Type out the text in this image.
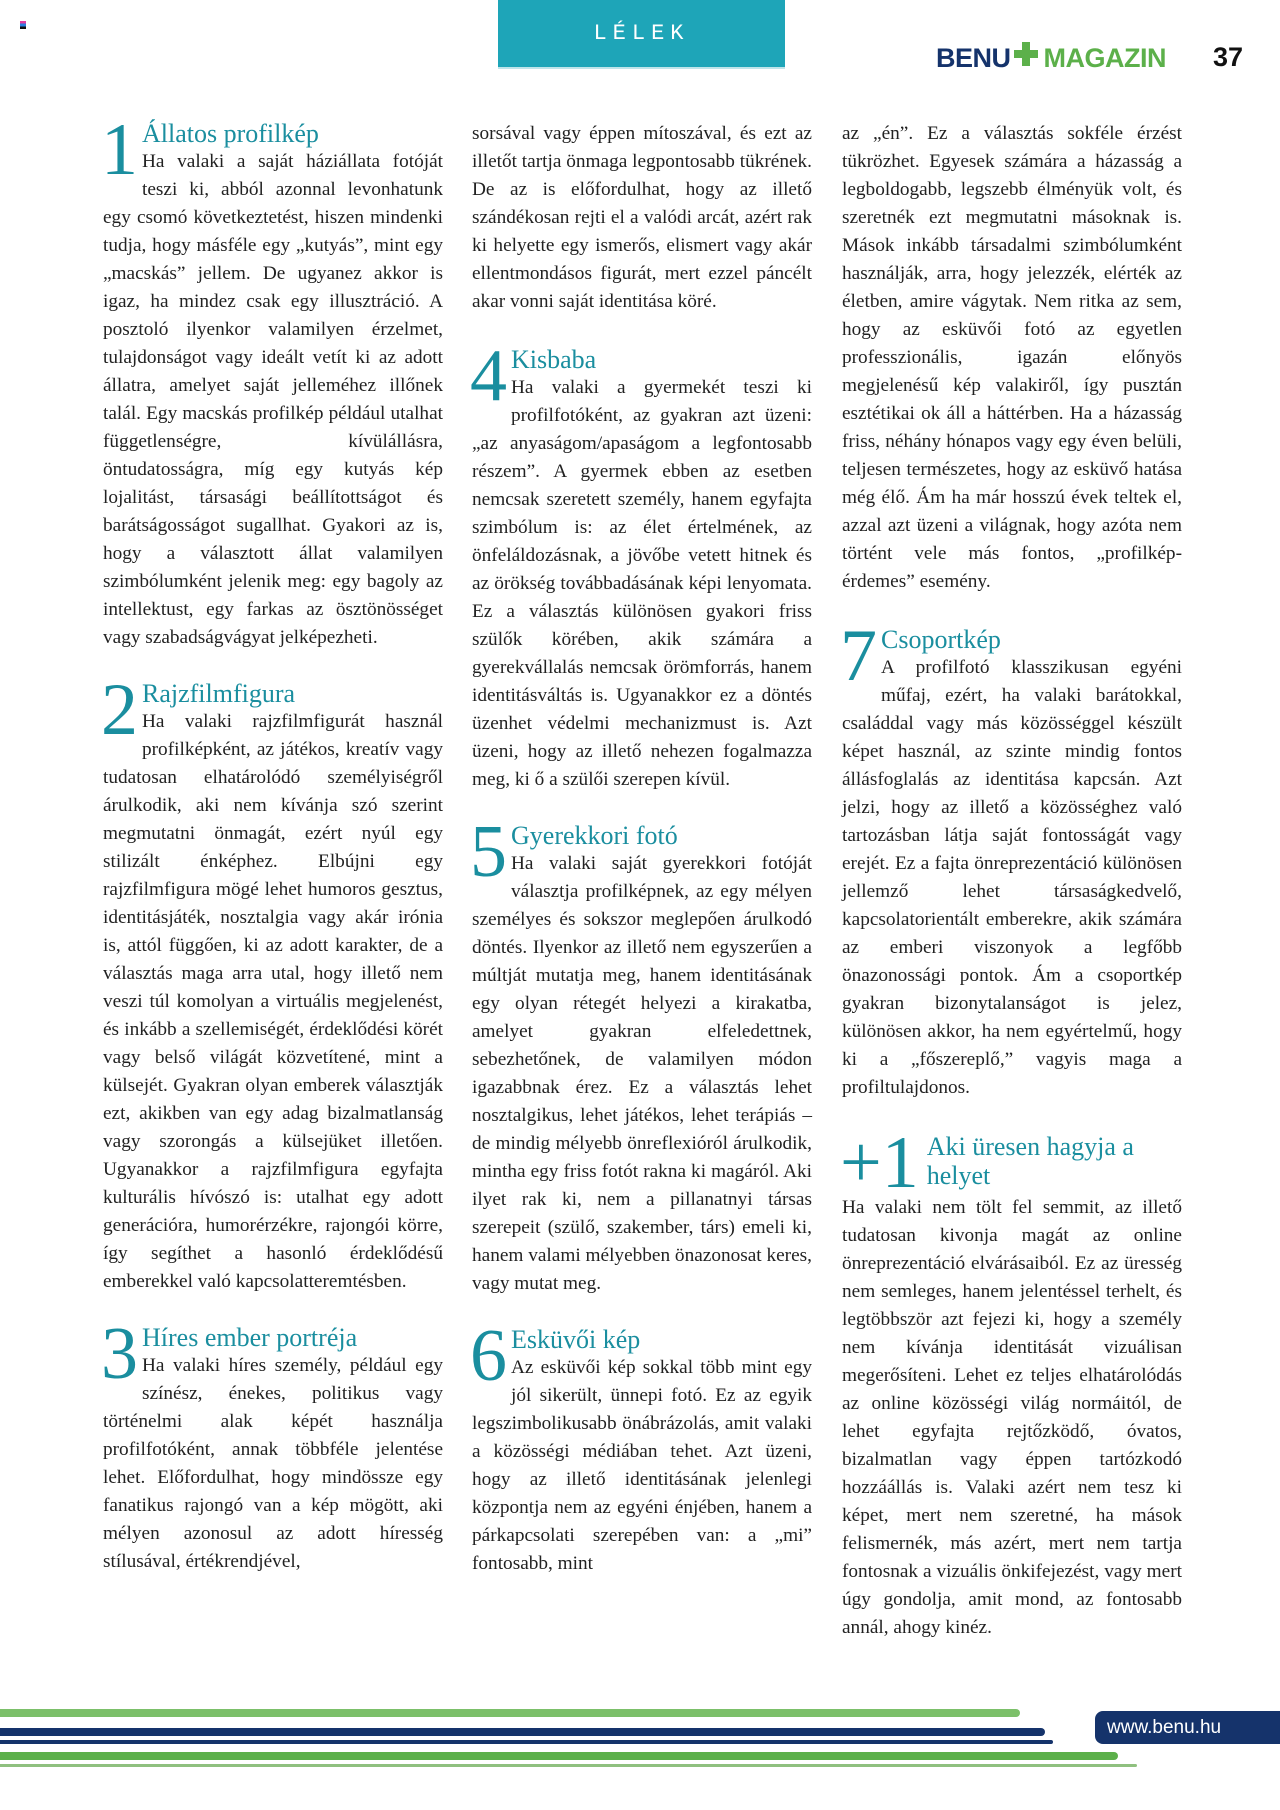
LÉLEK
BENU MAGAZIN 37
1 Állatos profilkép

Ha valaki a saját háziállata fotóját teszi ki, abból azonnal levonhatunk egy csomó következtetést, hiszen mindenki tudja, hogy másféle egy „kutyás”, mint egy „macskás” jellem. De ugyanez akkor is igaz, ha mindez csak egy illusztráció. A posztoló ilyenkor valamilyen érzelmet, tulajdonságot vagy ideált vetít ki az adott állatra, amelyet saját jelleméhez illőnek talál. Egy macskás profilkép például utalhat függetlenségre, kívülállásra, öntudatosságra, míg egy kutyás kép lojalitást, társasági beállítottságot és barátságosságot sugallhat. Gyakori az is, hogy a választott állat valamilyen szimbólumként jelenik meg: egy bagoly az intellektust, egy farkas az ösztönösséget vagy szabadságvágyat jelképezheti.

2 Rajzfilmfigura

Ha valaki rajzfilmfigurát használ profilképként, az játékos, kreatív vagy tudatosan elhatárolódó személyiségről árulkodik, aki nem kívánja szó szerint megmutatni önmagát, ezért nyúl egy stilizált énképhez. Elbújni egy rajzfilmfigura mögé lehet humoros gesztus, identitásjáték, nosztalgia vagy akár irónia is, attól függően, ki az adott karakter, de a választás maga arra utal, hogy illető nem veszi túl komolyan a virtuális megjelenést, és inkább a szellemiségét, érdeklődési körét vagy belső világát közvetítené, mint a külsejét. Gyakran olyan emberek választják ezt, akikben van egy adag bizalmatlanság vagy szorongás a külsejüket illetően. Ugyanakkor a rajzfilmfigura egyfajta kulturális hívószó is: utalhat egy adott generációra, humorérzékre, rajongói körre, így segíthet a hasonló érdeklődésű emberekkel való kapcsolatteremtésben.

3 Híres ember portréja

Ha valaki híres személy, például egy színész, énekes, politikus vagy történelmi alak képét használja profilfotóként, annak többféle jelentése lehet. Előfordulhat, hogy mindössze egy fanatikus rajongó van a kép mögött, aki mélyen azonosul az adott híresség stílusával, értékrendjével,

sorsával vagy éppen mítoszával, és ezt az illetőt tartja önmaga legpontosabb tükrének. De az is előfordulhat, hogy az illető szándékosan rejti el a valódi arcát, azért rak ki helyette egy ismerős, elismert vagy akár ellentmondásos figurát, mert ezzel páncélt akar vonni saját identitása köré.

4 Kisbaba

Ha valaki a gyermekét teszi ki profilfotóként, az gyakran azt üzeni: „az anyaságom/apaságom a legfontosabb részem”. A gyermek ebben az esetben nemcsak szeretett személy, hanem egyfajta szimbólum is: az élet értelmének, az önfeláldozásnak, a jövőbe vetett hitnek és az örökség továbbadásának képi lenyomata. Ez a választás különösen gyakori friss szülők körében, akik számára a gyerekvállalás nemcsak örömforrás, hanem identitásváltás is. Ugyanakkor ez a döntés üzenhet védelmi mechanizmust is. Azt üzeni, hogy az illető nehezen fogalmazza meg, ki ő a szülői szerepen kívül.

5 Gyerekkori fotó

Ha valaki saját gyerekkori fotóját választja profilképnek, az egy mélyen személyes és sokszor meglepően árulkodó döntés. Ilyenkor az illető nem egyszerűen a múltját mutatja meg, hanem identitásának egy olyan rétegét helyezi a kirakatba, amelyet gyakran elfeledettnek, sebezhetőnek, de valamilyen módon igazabbnak érez. Ez a választás lehet nosztalgikus, lehet játékos, lehet terápiás – de mindig mélyebb önreflexióról árulkodik, mintha egy friss fotót rakna ki magáról. Aki ilyet rak ki, nem a pillanatnyi társas szerepeit (szülő, szakember, társ) emeli ki, hanem valami mélyebben önazonosat keres, vagy mutat meg.

6 Esküvői kép

Az esküvői kép sokkal több mint egy jól sikerült, ünnepi fotó. Ez az egyik legszimbolikusabb önábrázolás, amit valaki a közösségi médiában tehet. Azt üzeni, hogy az illető identitásának jelenlegi központja nem az egyéni énjében, hanem a párkapcsolati szerepében van: a „mi” fontosabb, mint

az „én”. Ez a választás sokféle érzést tükrözhet. Egyesek számára a házasság a legboldogabb, legszebb élményük volt, és szeretnék ezt megmutatni másoknak is. Mások inkább társadalmi szimbólumként használják, arra, hogy jelezzék, elérték az életben, amire vágytak. Nem ritka az sem, hogy az esküvői fotó az egyetlen professzionális, igazán előnyös megjelenésű kép valakiről, így pusztán esztétikai ok áll a háttérben. Ha a házasság friss, néhány hónapos vagy egy éven belüli, teljesen természetes, hogy az esküvő hatása még élő. Ám ha már hosszú évek teltek el, azzal azt üzeni a világnak, hogy azóta nem történt vele más fontos, „profilkép-érdemes” esemény.

7 Csoportkép

A profilfotó klasszikusan egyéni műfaj, ezért, ha valaki barátokkal, családdal vagy más közösséggel készült képet használ, az szinte mindig fontos állásfoglalás az identitása kapcsán. Azt jelzi, hogy az illető a közösséghez való tartozásban látja saját fontosságát vagy erejét. Ez a fajta önreprezentáció különösen jellemző lehet társaságkedvelő, kapcsolatorientált emberekre, akik számára az emberi viszonyok a legfőbb önazonossági pontok. Ám a csoportkép gyakran bizonytalanságot is jelez, különösen akkor, ha nem egyértelmű, hogy ki a „főszereplő,” vagyis maga a profiltulajdonos.

+1 Aki üresen hagyja a helyet

Ha valaki nem tölt fel semmit, az illető tudatosan kivonja magát az online önreprezentáció elvárásaiból. Ez az üresség nem semleges, hanem jelentéssel terhelt, és legtöbbször azt fejezi ki, hogy a személy nem kívánja identitását vizuálisan megerősíteni. Lehet ez teljes elhatárolódás az online közösségi világ normáitól, de lehet egyfajta rejtőzködő, óvatos, bizalmatlan vagy éppen tartózkodó hozzáállás is. Valaki azért nem tesz ki képet, mert nem szeretné, ha mások felismernék, más azért, mert nem tartja fontosnak a vizuális önkifejezést, vagy mert úgy gondolja, amit mond, az fontosabb annál, ahogy kinéz.

www.benu.hu
